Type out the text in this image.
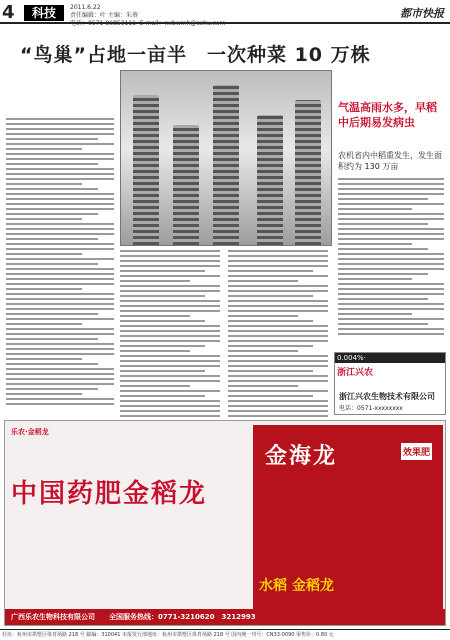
4	科技	2011.6.22
责任编辑：叶 主编：朱葵
电话：0571-86853111  E-mail：nxbwmh@sohu.com
都市快报
“鸟巢”占地一亩半　一次种菜 10 万株
气温高雨水多，早稻中后期易发病虫
农机省内中稻重发生，发生面积约为 130 万亩
0.004%·
浙江兴农
浙江兴农生物技术有限公司
电话：0571-xxxxxxxx
乐农·金稻龙
中国药肥金稻龙
金海龙	效果肥
水稻 金稻龙
广西乐农生物科技有限公司　　全国服务热线：0771-3210620　3212993
社址：杭州市拱墅区体育场路 218 号 邮编：310041 本报发行部地址：杭州市拱墅区体育场路 218 号 国内统一刊号：CN33-0090 零售价：0.80 元
